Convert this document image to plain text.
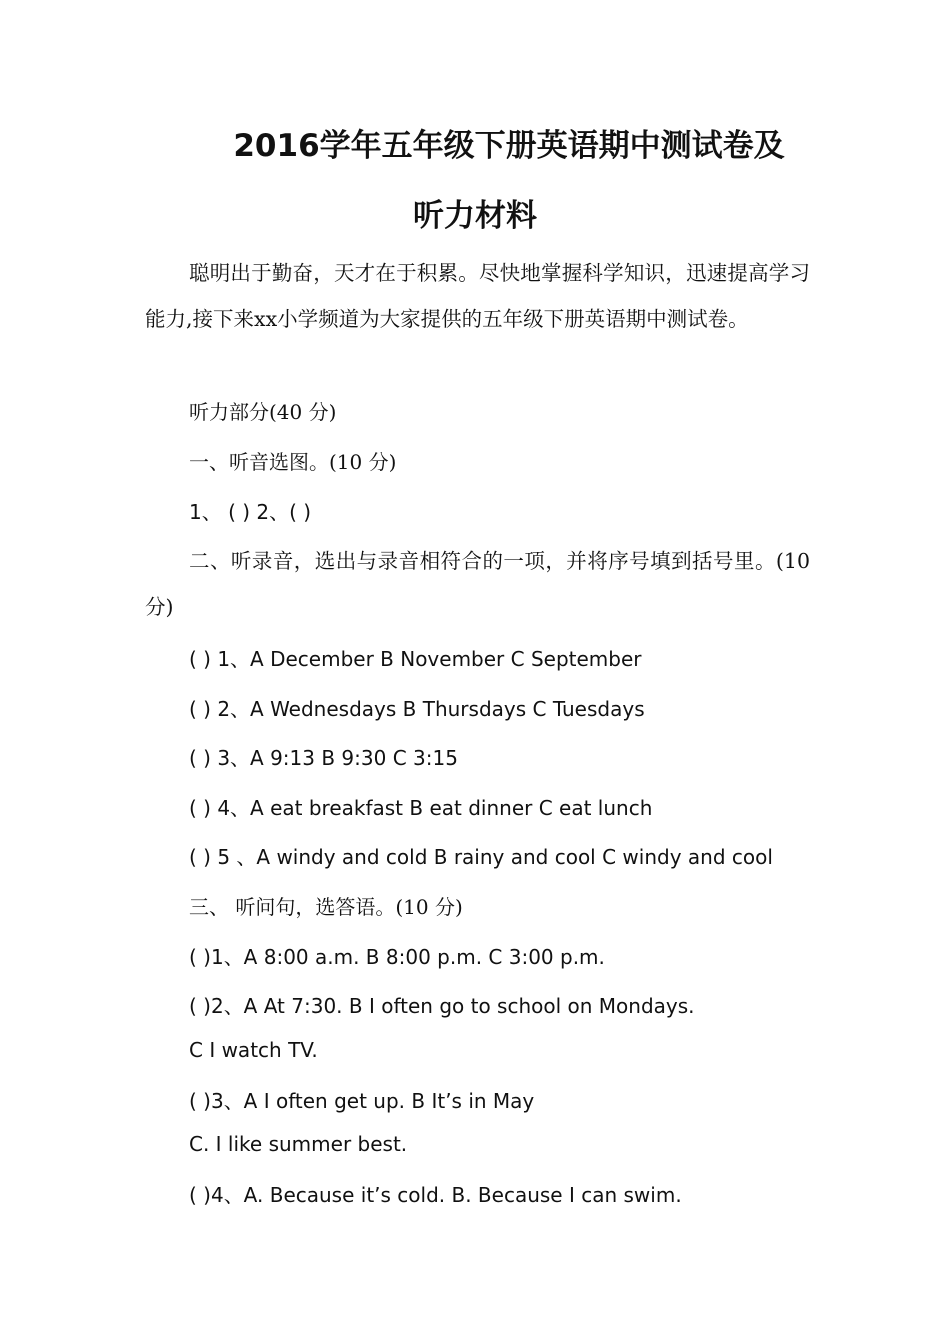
2016学年五年级下册英语期中测试卷及
听力材料
聪明出于勤奋，天才在于积累。尽快地掌握科学知识，迅速提高学习能力,接下来xx小学频道为大家提供的五年级下册英语期中测试卷。
听力部分(40 分)
一、听音选图。(10 分)
1、 ( ) 2、( )
二、听录音，选出与录音相符合的一项，并将序号填到括号里。(10 分)
( ) 1、A December B November C September
( ) 2、A Wednesdays B Thursdays C Tuesdays
( ) 3、A 9:13 B 9:30 C 3:15
( ) 4、A eat breakfast B eat dinner C eat lunch
( ) 5 、A windy and cold B rainy and cool C windy and cool
三、 听问句，选答语。(10 分)
( )1、A 8:00 a.m. B 8:00 p.m. C 3:00 p.m.
( )2、A At 7:30. B I often go to school on Mondays.
C I watch TV.
( )3、A I often get up. B It’s in May
C. I like summer best.
( )4、A. Because it’s cold. B. Because I can swim.
